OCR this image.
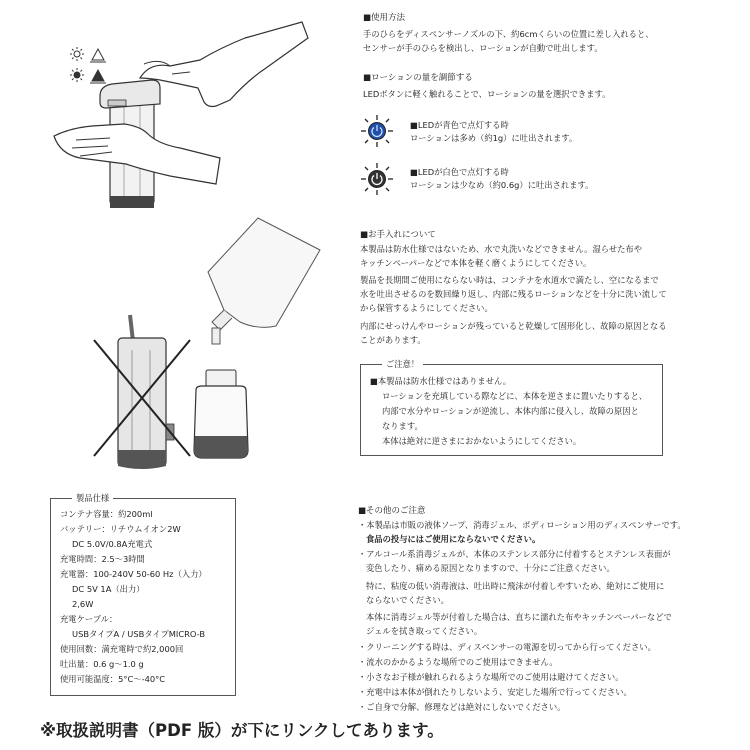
■使用方法
手のひらをディスペンサーノズルの下、約6cmくらいの位置に差し入れると、
センサーが手のひらを検出し、ローションが自動で吐出します。
■ローションの量を調節する
LEDボタンに軽く触れることで、ローションの量を選択できます。
■LEDが青色で点灯する時
ローションは多め（約1g）に吐出されます。
■LEDが白色で点灯する時
ローションは少なめ（約0.6g）に吐出されます。
■お手入れについて
本製品は防水仕様ではないため、水で丸洗いなどできません。湿らせた布や
キッチンペーパーなどで本体を軽く磨くようにしてください。
製品を長期間ご使用にならない時は、コンテナを水道水で満たし、空になるまで
水を吐出させるのを数回繰り返し、内部に残るローションなどを十分に洗い流して
から保管するようにしてください。
内部にせっけんやローションが残っていると乾燥して固形化し、故障の原因となる
ことがあります。
ご注意！
■本製品は防水仕様ではありません。
ローションを充填している際などに、本体を逆さまに置いたりすると、
内部で水分やローションが逆流し、本体内部に侵入し、故障の原因と
なります。
本体は絶対に逆さまにおかないようにしてください。
製品仕様
コンテナ容量：約200ml
バッテリー：リチウムイオン2W
DC 5.0V/0.8A充電式
充電時間：2.5〜3時間
充電器：100-240V 50-60 Hz（入力）
DC 5V 1A（出力）
2,6W
充電ケーブル：
USBタイプA / USBタイプMICRO-B
使用回数：満充電時で約2,000回
吐出量：0.6 g〜1.0 g
使用可能温度：5°C〜-40°C
■その他のご注意
・本製品は市販の液体ソープ、消毒ジェル、ボディローション用のディスペンサーです。
食品の投与にはご使用にならないでください。
・アルコール系消毒ジェルが、本体のステンレス部分に付着するとステンレス表面が
変色したり、痛める原因となりますので、十分にご注意ください。
特に、粘度の低い消毒液は、吐出時に飛沫が付着しやすいため、絶対にご使用に
ならないでください。
本体に消毒ジェル等が付着した場合は、直ちに濡れた布やキッチンペーパーなどで
ジェルを拭き取ってください。
・クリーニングする時は、ディスペンサーの電源を切ってから行ってください。
・流水のかかるような場所でのご使用はできません。
・小さなお子様が触れられるような場所でのご使用は避けてください。
・充電中は本体が倒れたりしないよう、安定した場所で行ってください。
・ご自身で分解、修理などは絶対にしないでください。
※取扱説明書（PDF 版）が下にリンクしてあります。
